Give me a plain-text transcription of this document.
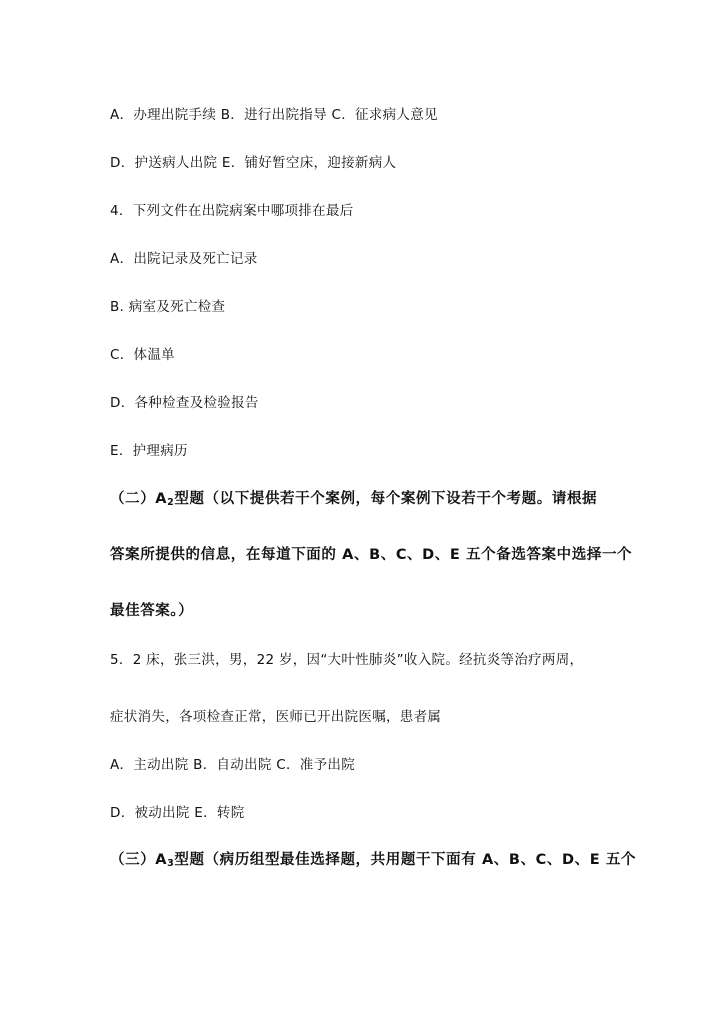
A．办理出院手续 B．进行出院指导 C．征求病人意见
D．护送病人出院 E．铺好暂空床，迎接新病人
4．下列文件在出院病案中哪项排在最后
A．出院记录及死亡记录
B. 病室及死亡检查
C．体温单
D．各种检查及检验报告
E．护理病历
（二）$A_2$型题（以下提供若干个案例，每个案例下设若干个考题。请根据
答案所提供的信息，在每道下面的 A、B、C、D、E 五个备选答案中选择一个
最佳答案。）
5．2 床，张三洪，男，22 岁，因“大叶性肺炎”收入院。经抗炎等治疗两周，
症状消失，各项检查正常，医师已开出院医嘱，患者属
A．主动出院 B．自动出院 C．准予出院
D．被动出院 E．转院
（三）$A_3$型题（病历组型最佳选择题，共用题干下面有 A、B、C、D、E 五个
